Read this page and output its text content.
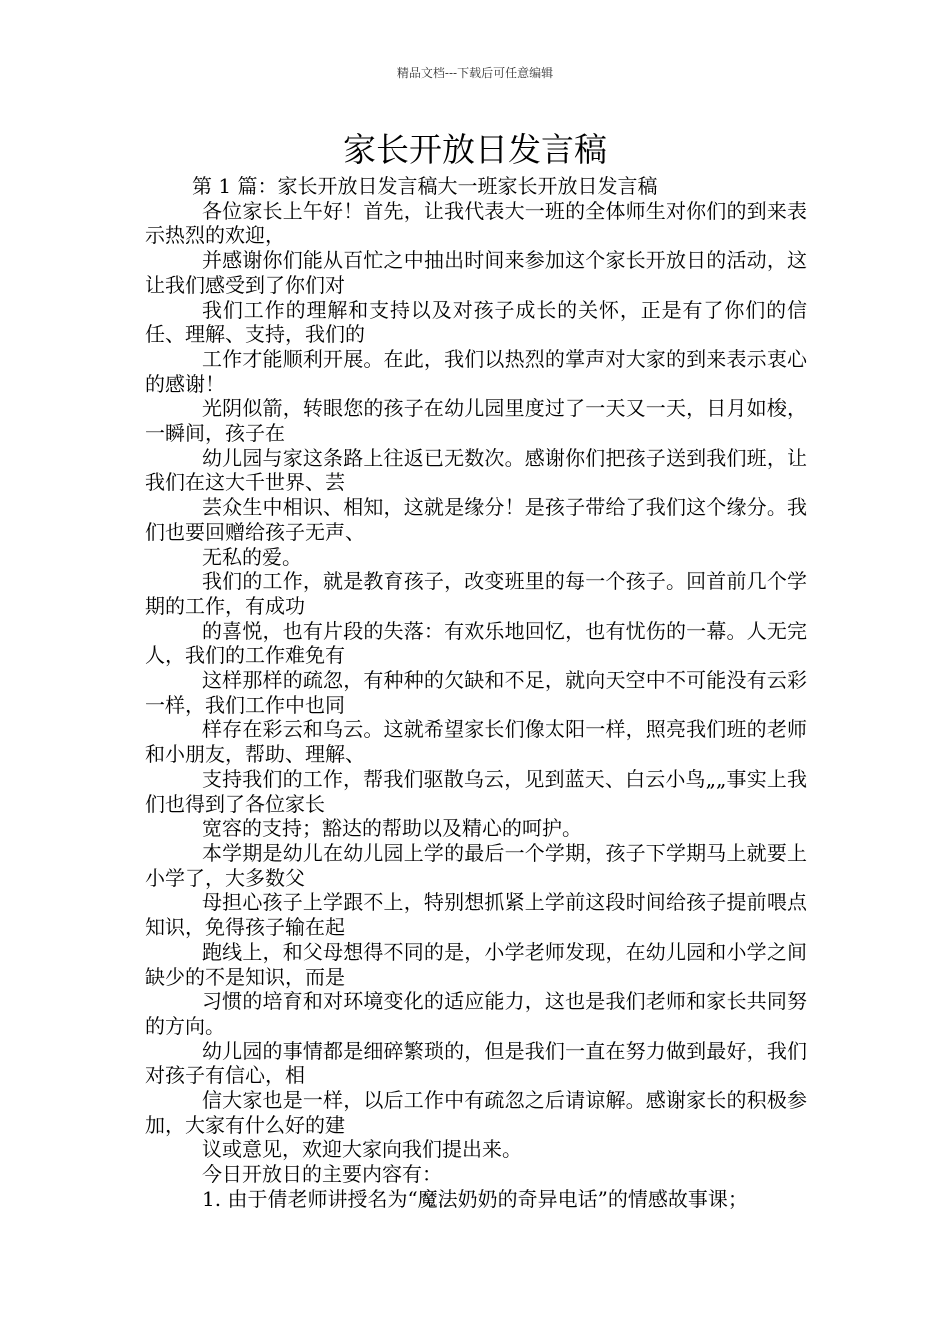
精品文档---下载后可任意编辑
家长开放日发言稿

第 1 篇：家长开放日发言稿大一班家长开放日发言稿

各位家长上午好！首先，让我代表大一班的全体师生对你们的到来表示热烈的欢迎，

并感谢你们能从百忙之中抽出时间来参加这个家长开放日的活动，这让我们感受到了你们对

我们工作的理解和支持以及对孩子成长的关怀，正是有了你们的信任、理解、支持，我们的

工作才能顺利开展。在此，我们以热烈的掌声对大家的到来表示衷心的感谢！

光阴似箭，转眼您的孩子在幼儿园里度过了一天又一天，日月如梭，一瞬间，孩子在

幼儿园与家这条路上往返已无数次。感谢你们把孩子送到我们班，让我们在这大千世界、芸

芸众生中相识、相知，这就是缘分！是孩子带给了我们这个缘分。我们也要回赠给孩子无声、

无私的爱。

我们的工作，就是教育孩子，改变班里的每一个孩子。回首前几个学期的工作，有成功

的喜悦，也有片段的失落：有欢乐地回忆，也有忧伤的一幕。人无完人，我们的工作难免有

这样那样的疏忽，有种种的欠缺和不足，就向天空中不可能没有云彩一样，我们工作中也同

样存在彩云和乌云。这就希望家长们像太阳一样，照亮我们班的老师和小朋友，帮助、理解、

支持我们的工作，帮我们驱散乌云，见到蓝天、白云小鸟„„事实上我们也得到了各位家长

宽容的支持；豁达的帮助以及精心的呵护。

本学期是幼儿在幼儿园上学的最后一个学期，孩子下学期马上就要上小学了，大多数父

母担心孩子上学跟不上，特别想抓紧上学前这段时间给孩子提前喂点知识，免得孩子输在起

跑线上，和父母想得不同的是，小学老师发现，在幼儿园和小学之间缺少的不是知识，而是

习惯的培育和对环境变化的适应能力，这也是我们老师和家长共同努的方向。

幼儿园的事情都是细碎繁琐的，但是我们一直在努力做到最好，我们对孩子有信心，相

信大家也是一样，以后工作中有疏忽之后请谅解。感谢家长的积极参加，大家有什么好的建

议或意见，欢迎大家向我们提出来。

今日开放日的主要内容有：

1. 由于倩老师讲授名为“魔法奶奶的奇异电话”的情感故事课；
